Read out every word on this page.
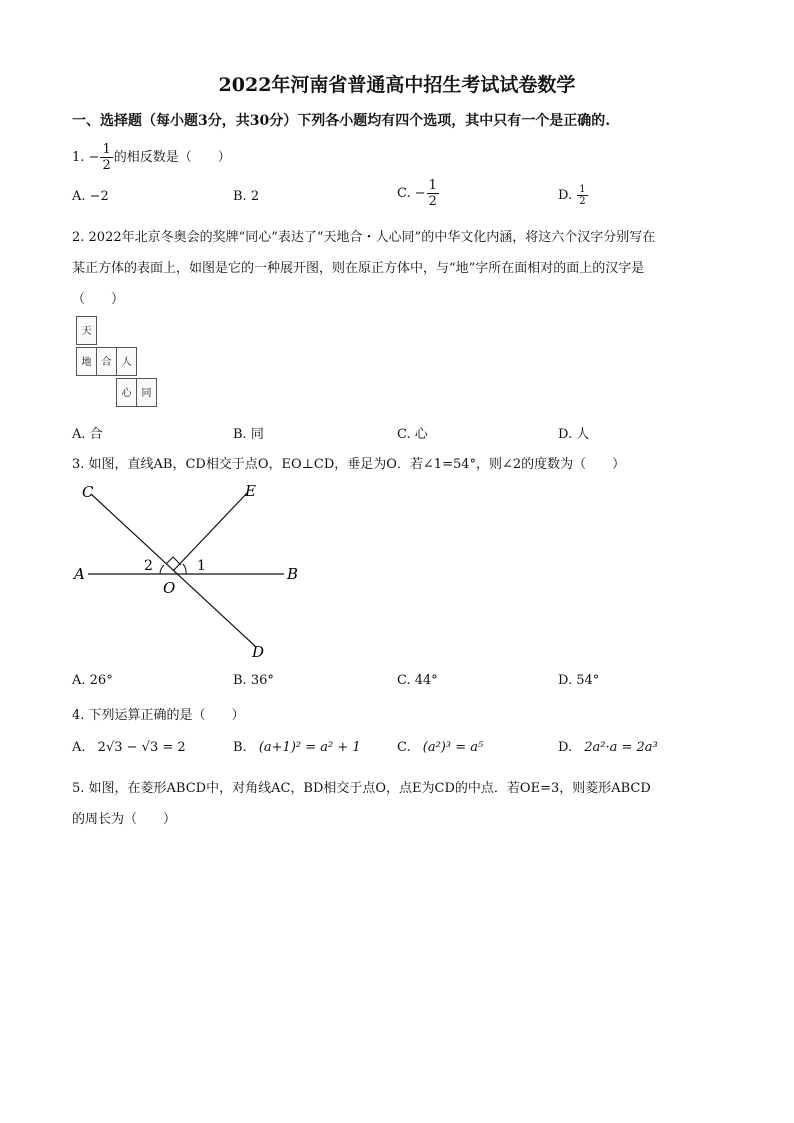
2022年河南省普通高中招生考试试卷数学
一、选择题（每小题3分，共30分）下列各小题均有四个选项，其中只有一个是正确的.
1. − $\frac{1}{2}$ 的相反数是（　　）
A. −2	B. 2	C. − $\frac{1}{2}$	D. $\frac{1}{2}$
2. 2022年北京冬奥会的奖牌“同心”表达了“天地合・人心同”的中华文化内涵，将这六个汉字分别写在
某正方体的表面上，如图是它的一种展开图，则在原正方体中，与“地”字所在面相对的面上的汉字是
（　　）
天
地	合	人
心	同
A. 合	B. 同	C. 心	D. 人
3. 如图，直线AB，CD相交于点O，EO⊥CD，垂足为O．若∠1=54°，则∠2的度数为（　　）
C	E
A	B
O
D
1
2
A. 26°	B. 36°	C. 44°	D. 54°
4. 下列运算正确的是（　　）
A. 2√3 − √3 = 2	B. (a+1)² = a² + 1	C. (a²)³ = a⁵	D. 2a²·a = 2a³
5. 如图，在菱形ABCD中，对角线AC，BD相交于点O，点E为CD的中点．若OE=3，则菱形ABCD
的周长为（　　）
